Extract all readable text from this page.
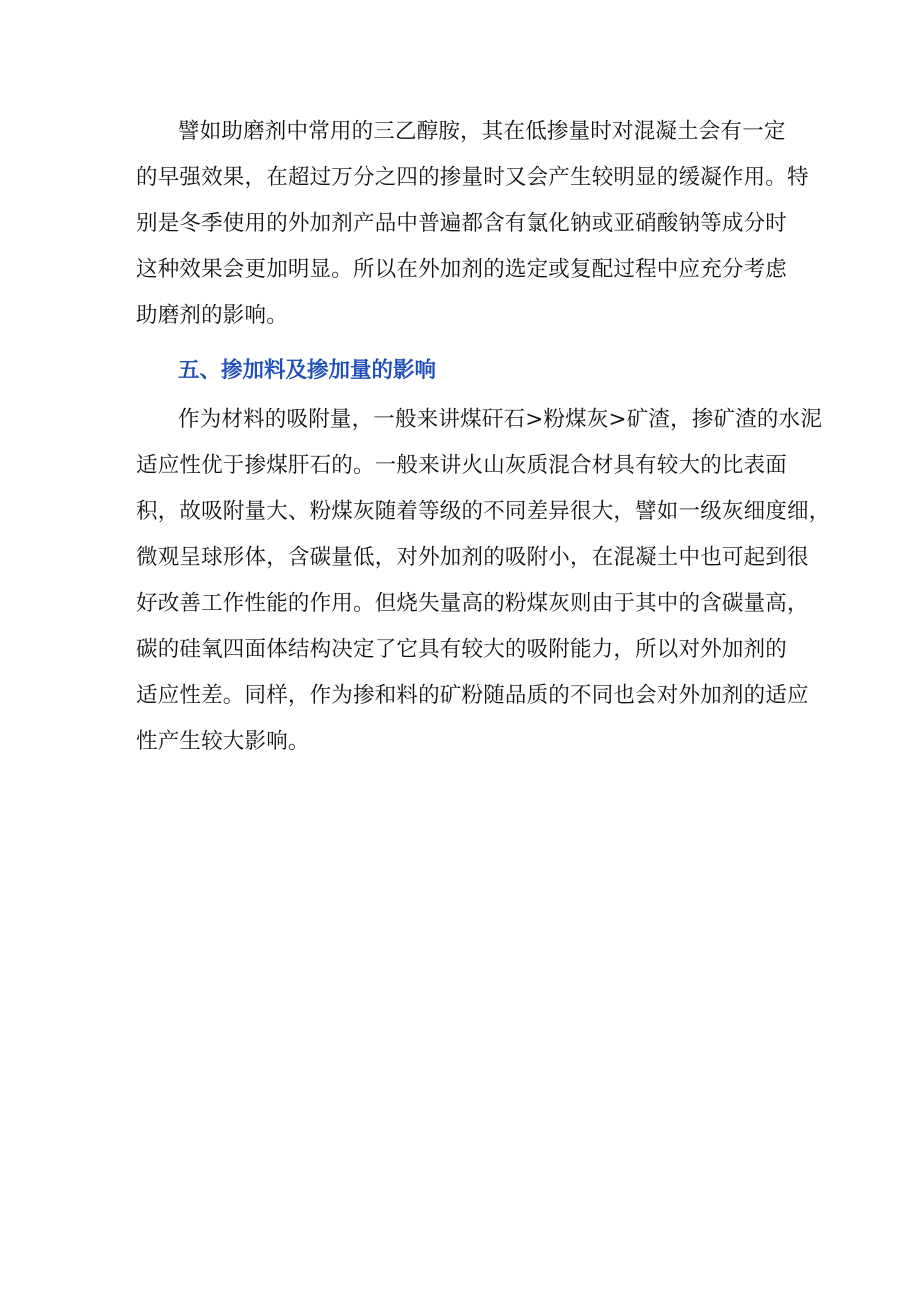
譬如助磨剂中常用的三乙醇胺，其在低掺量时对混凝土会有一定
的早强效果，在超过万分之四的掺量时又会产生较明显的缓凝作用。特
别是冬季使用的外加剂产品中普遍都含有氯化钠或亚硝酸钠等成分时
这种效果会更加明显。所以在外加剂的选定或复配过程中应充分考虑
助磨剂的影响。
五、掺加料及掺加量的影响
作为材料的吸附量，一般来讲煤矸石>粉煤灰>矿渣，掺矿渣的水泥
适应性优于掺煤肝石的。一般来讲火山灰质混合材具有较大的比表面
积，故吸附量大、粉煤灰随着等级的不同差异很大，譬如一级灰细度细，
微观呈球形体，含碳量低，对外加剂的吸附小，在混凝土中也可起到很
好改善工作性能的作用。但烧失量高的粉煤灰则由于其中的含碳量高，
碳的硅氧四面体结构决定了它具有较大的吸附能力，所以对外加剂的
适应性差。同样，作为掺和料的矿粉随品质的不同也会对外加剂的适应
性产生较大影响。
